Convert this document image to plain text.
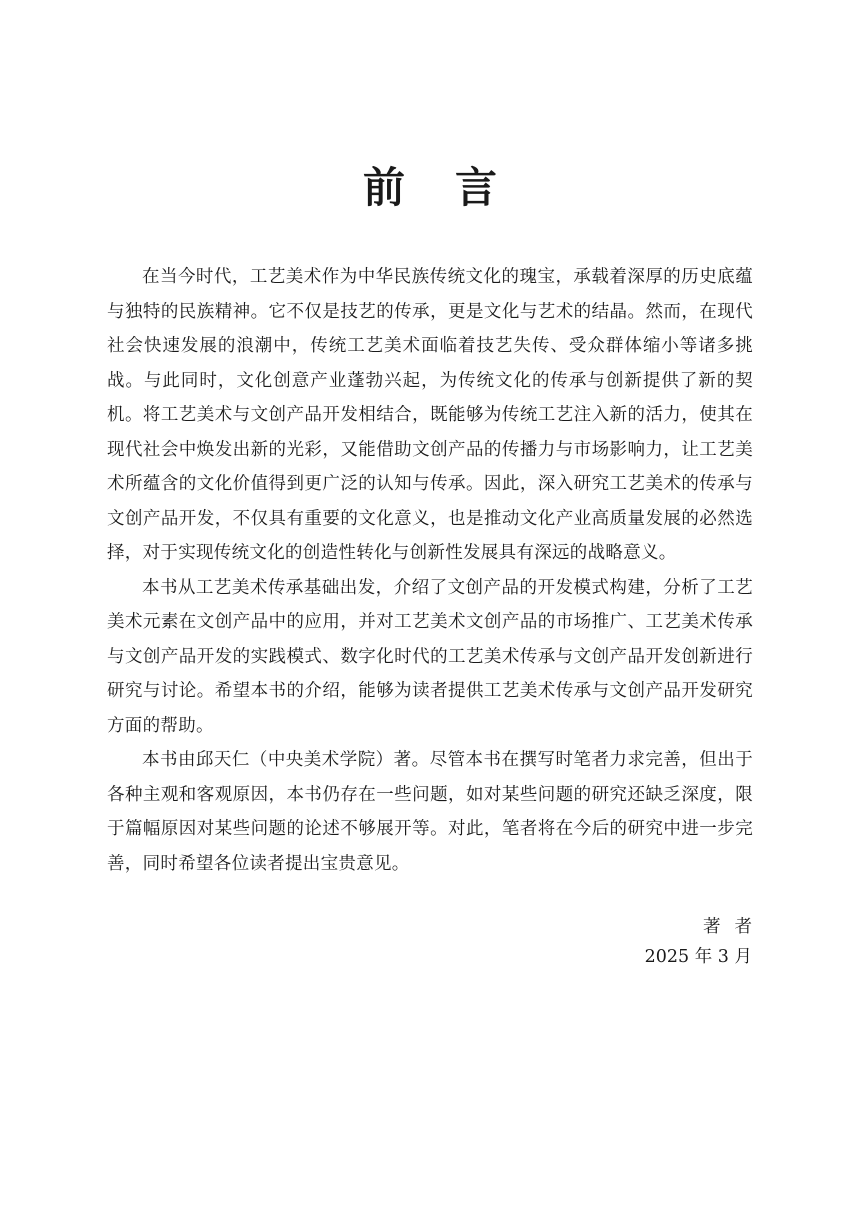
前 言

在当今时代，工艺美术作为中华民族传统文化的瑰宝，承载着深厚的历史底蕴与独特的民族精神。它不仅是技艺的传承，更是文化与艺术的结晶。然而，在现代社会快速发展的浪潮中，传统工艺美术面临着技艺失传、受众群体缩小等诸多挑战。与此同时，文化创意产业蓬勃兴起，为传统文化的传承与创新提供了新的契机。将工艺美术与文创产品开发相结合，既能够为传统工艺注入新的活力，使其在现代社会中焕发出新的光彩，又能借助文创产品的传播力与市场影响力，让工艺美术所蕴含的文化价值得到更广泛的认知与传承。因此，深入研究工艺美术的传承与文创产品开发，不仅具有重要的文化意义，也是推动文化产业高质量发展的必然选择，对于实现传统文化的创造性转化与创新性发展具有深远的战略意义。

本书从工艺美术传承基础出发，介绍了文创产品的开发模式构建，分析了工艺美术元素在文创产品中的应用，并对工艺美术文创产品的市场推广、工艺美术传承与文创产品开发的实践模式、数字化时代的工艺美术传承与文创产品开发创新进行研究与讨论。希望本书的介绍，能够为读者提供工艺美术传承与文创产品开发研究方面的帮助。

本书由邱天仁（中央美术学院）著。尽管本书在撰写时笔者力求完善，但出于各种主观和客观原因，本书仍存在一些问题，如对某些问题的研究还缺乏深度，限于篇幅原因对某些问题的论述不够展开等。对此，笔者将在今后的研究中进一步完善，同时希望各位读者提出宝贵意见。

著者
2025 年 3 月
